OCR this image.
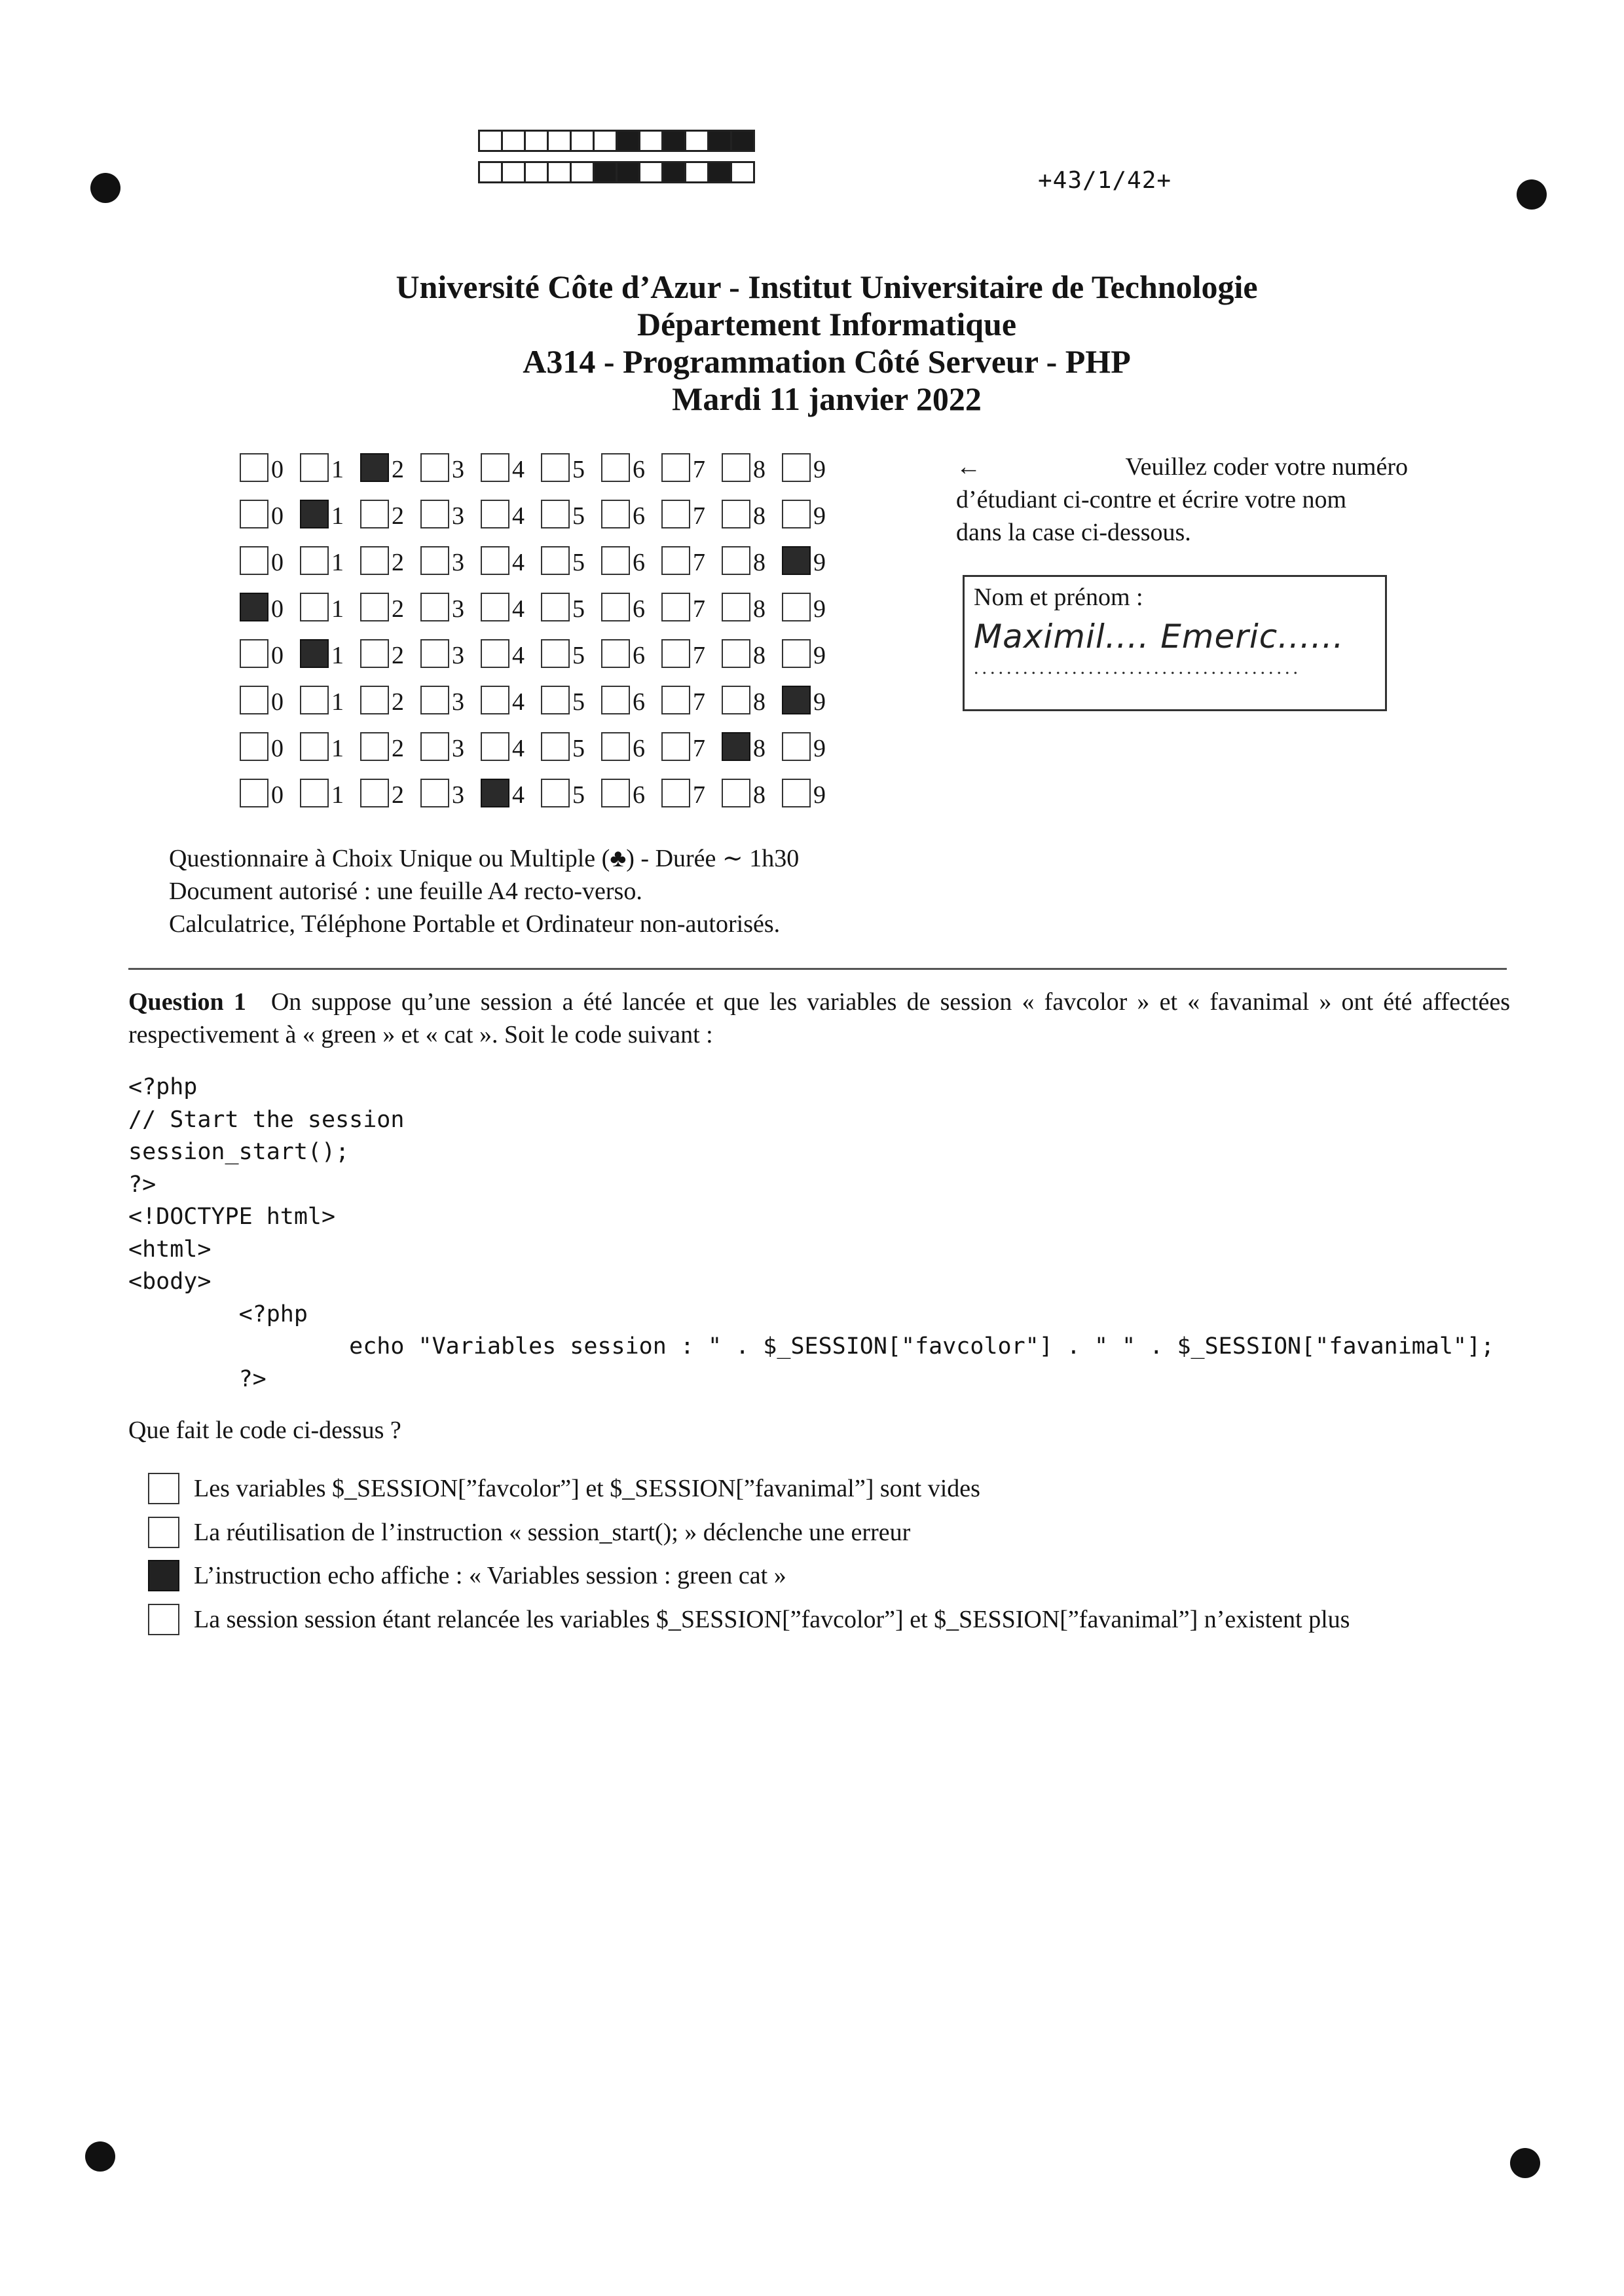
+43/1/42+
Université Côte d’Azur - Institut Universitaire de Technologie
Département Informatique
A314 - Programmation Côté Serveur - PHP
Mardi 11 janvier 2022
0 1 2 3 4 5 6 7 8 9
0 1 2 3 4 5 6 7 8 9
0 1 2 3 4 5 6 7 8 9
0 1 2 3 4 5 6 7 8 9
0 1 2 3 4 5 6 7 8 9
0 1 2 3 4 5 6 7 8 9
0 1 2 3 4 5 6 7 8 9
0 1 2 3 4 5 6 7 8 9
←	Veuillez coder votre numéro
d’étudiant ci-contre et écrire votre nom
dans la case ci-dessous.
Nom et prénom :
Maximil.... Emeric......
........................................
Questionnaire à Choix Unique ou Multiple (♣) - Durée ∼ 1h30
Document autorisé : une feuille A4 recto-verso.
Calculatrice, Téléphone Portable et Ordinateur non-autorisés.
Question 1 On suppose qu’une session a été lancée et que les variables de session « favcolor » et « favanimal » ont été affectées respectivement à « green » et « cat ». Soit le code suivant :
<?php
// Start the session
session_start();
?>
<!DOCTYPE html>
<html>
<body>
<?php
echo "Variables session : " . $_SESSION["favcolor"] . " " . $_SESSION["favanimal"];
?>
Que fait le code ci-dessus ?
Les variables $_SESSION[”favcolor”] et $_SESSION[”favanimal”] sont vides
La réutilisation de l’instruction « session_start(); » déclenche une erreur
L’instruction echo affiche : « Variables session : green cat »
La session session étant relancée les variables $_SESSION[”favcolor”] et $_SESSION[”favanimal”] n’existent plus
